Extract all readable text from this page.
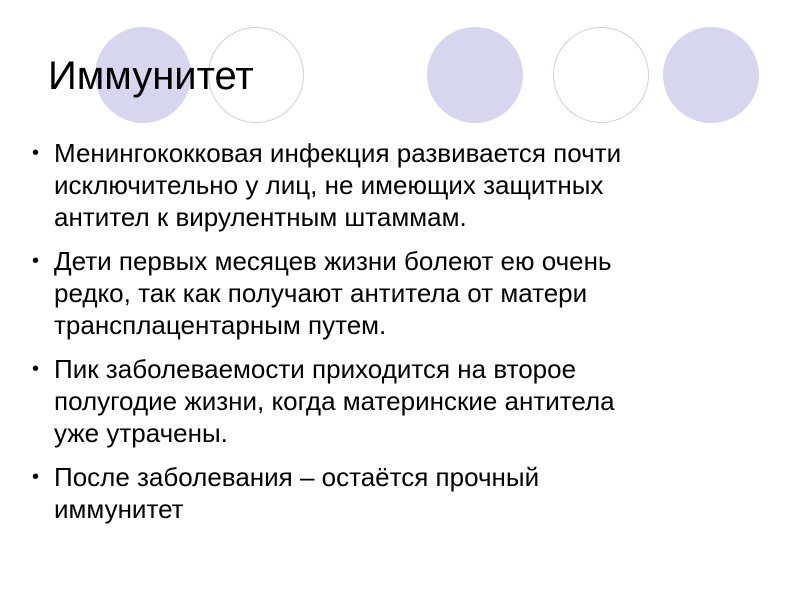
Иммунитет
• Менингококковая инфекция развивается почти
исключительно у лиц, не имеющих защитных
антител к вирулентным штаммам.
• Дети первых месяцев жизни болеют ею очень
редко, так как получают антитела от матери
трансплацентарным путем.
• Пик заболеваемости приходится на второе
полугодие жизни, когда материнские антитела
уже утрачены.
• После заболевания – остаётся прочный
иммунитет
